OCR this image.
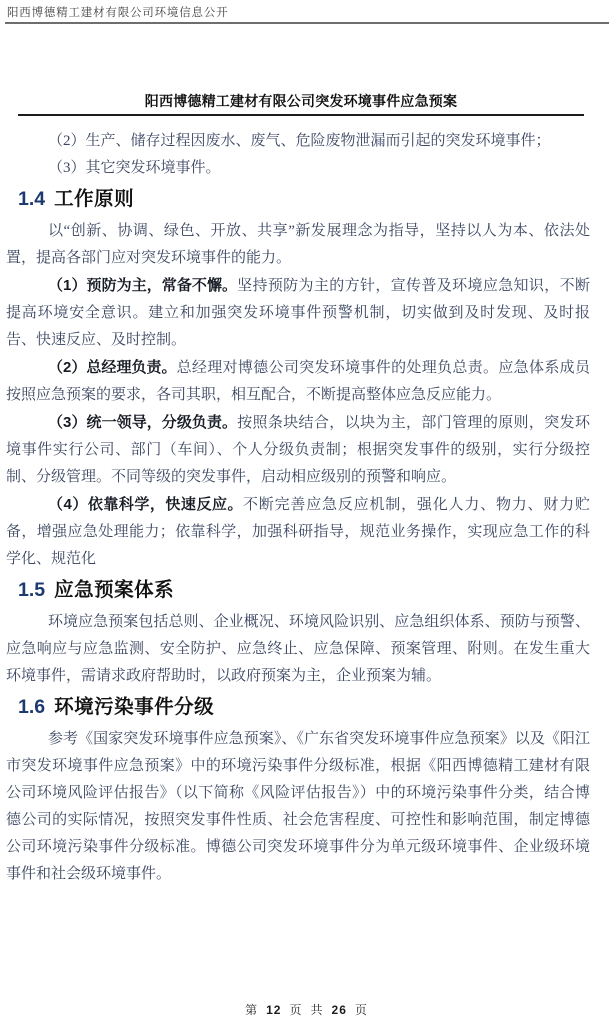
阳西博德精工建材有限公司环境信息公开
阳西博德精工建材有限公司突发环境事件应急预案

（2）生产、储存过程因废水、废气、危险废物泄漏而引起的突发环境事件；

（3）其它突发环境事件。

1.4 工作原则

以“创新、协调、绿色、开放、共享”新发展理念为指导，坚持以人为本、依法处置，提高各部门应对突发环境事件的能力。

（1）预防为主，常备不懈。坚持预防为主的方针，宣传普及环境应急知识，不断提高环境安全意识。建立和加强突发环境事件预警机制，切实做到及时发现、及时报告、快速反应、及时控制。

（2）总经理负责。总经理对博德公司突发环境事件的处理负总责。应急体系成员按照应急预案的要求，各司其职，相互配合，不断提高整体应急反应能力。

（3）统一领导，分级负责。按照条块结合，以块为主，部门管理的原则，突发环境事件实行公司、部门（车间）、个人分级负责制；根据突发事件的级别，实行分级控制、分级管理。不同等级的突发事件，启动相应级别的预警和响应。

（4）依靠科学，快速反应。不断完善应急反应机制，强化人力、物力、财力贮备，增强应急处理能力；依靠科学，加强科研指导，规范业务操作，实现应急工作的科学化、规范化

1.5 应急预案体系

环境应急预案包括总则、企业概况、环境风险识别、应急组织体系、预防与预警、应急响应与应急监测、安全防护、应急终止、应急保障、预案管理、附则。在发生重大环境事件，需请求政府帮助时，以政府预案为主，企业预案为辅。

1.6 环境污染事件分级

参考《国家突发环境事件应急预案》、《广东省突发环境事件应急预案》以及《阳江市突发环境事件应急预案》中的环境污染事件分级标准，根据《阳西博德精工建材有限公司环境风险评估报告》（以下简称《风险评估报告》）中的环境污染事件分类，结合博德公司的实际情况，按照突发事件性质、社会危害程度、可控性和影响范围，制定博德公司环境污染事件分级标准。博德公司突发环境事件分为单元级环境事件、企业级环境事件和社会级环境事件。

第 12 页 共 26 页
